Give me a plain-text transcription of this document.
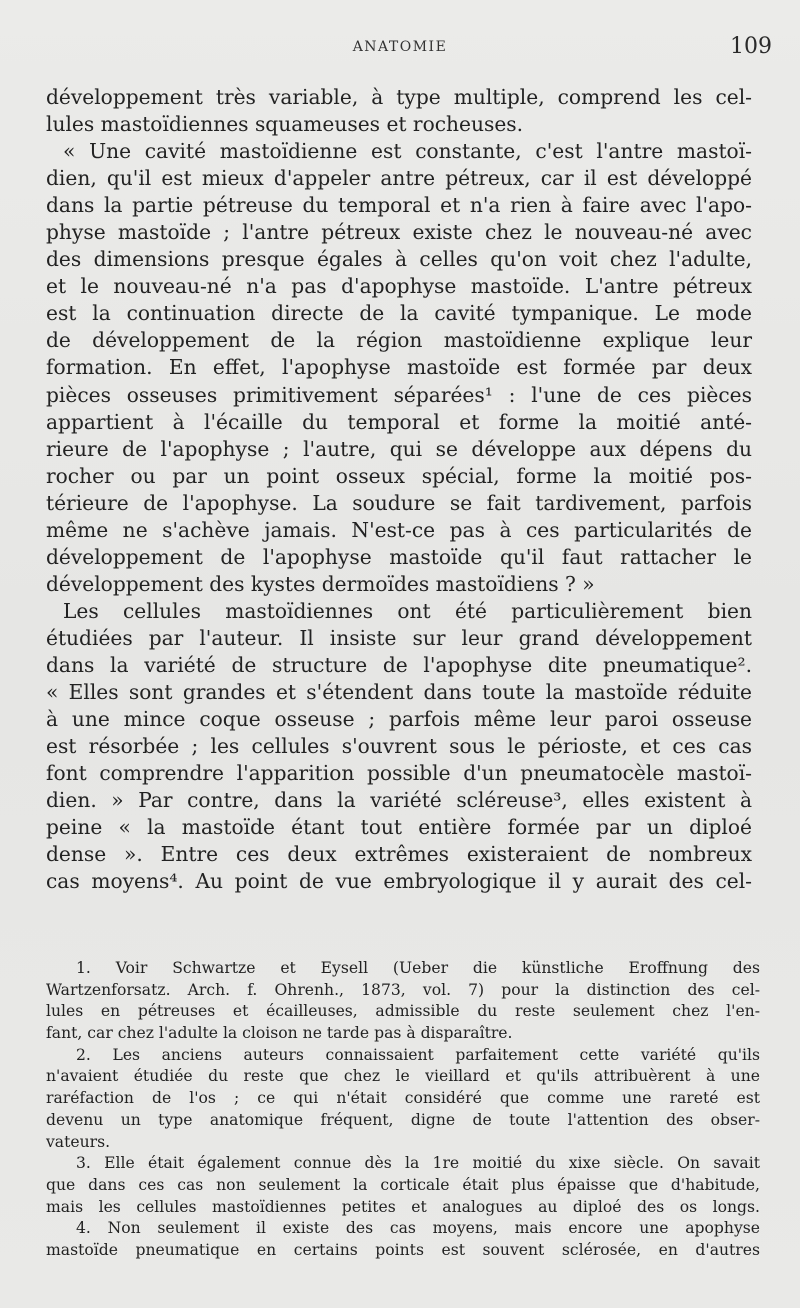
ANATOMIE	109
développement très variable, à type multiple, comprend les cel-
lules mastoïdiennes squameuses et rocheuses.
« Une cavité mastoïdienne est constante, c'est l'antre mastoï-
dien, qu'il est mieux d'appeler antre pétreux, car il est développé
dans la partie pétreuse du temporal et n'a rien à faire avec l'apo-
physe mastoïde ; l'antre pétreux existe chez le nouveau-né avec
des dimensions presque égales à celles qu'on voit chez l'adulte,
et le nouveau-né n'a pas d'apophyse mastoïde. L'antre pétreux
est la continuation directe de la cavité tympanique. Le mode
de développement de la région mastoïdienne explique leur
formation. En effet, l'apophyse mastoïde est formée par deux
pièces osseuses primitivement séparées¹ : l'une de ces pièces
appartient à l'écaille du temporal et forme la moitié anté-
rieure de l'apophyse ; l'autre, qui se développe aux dépens du
rocher ou par un point osseux spécial, forme la moitié pos-
térieure de l'apophyse. La soudure se fait tardivement, parfois
même ne s'achève jamais. N'est-ce pas à ces particularités de
développement de l'apophyse mastoïde qu'il faut rattacher le
développement des kystes dermoïdes mastoïdiens ? »
Les cellules mastoïdiennes ont été particulièrement bien
étudiées par l'auteur. Il insiste sur leur grand développement
dans la variété de structure de l'apophyse dite pneumatique².
« Elles sont grandes et s'étendent dans toute la mastoïde réduite
à une mince coque osseuse ; parfois même leur paroi osseuse
est résorbée ; les cellules s'ouvrent sous le périoste, et ces cas
font comprendre l'apparition possible d'un pneumatocèle mastoï-
dien. » Par contre, dans la variété scléreuse³, elles existent à
peine « la mastoïde étant tout entière formée par un diploé
dense ». Entre ces deux extrêmes existeraient de nombreux
cas moyens⁴. Au point de vue embryologique il y aurait des cel-
1. Voir Schwartze et Eysell (Ueber die künstliche Eroffnung des
Wartzenforsatz. Arch. f. Ohrenh., 1873, vol. 7) pour la distinction des cel-
lules en pétreuses et écailleuses, admissible du reste seulement chez l'en-
fant, car chez l'adulte la cloison ne tarde pas à disparaître.
2. Les anciens auteurs connaissaient parfaitement cette variété qu'ils
n'avaient étudiée du reste que chez le vieillard et qu'ils attribuèrent à une
raréfaction de l'os ; ce qui n'était considéré que comme une rareté est
devenu un type anatomique fréquent, digne de toute l'attention des obser-
vateurs.
3. Elle était également connue dès la 1re moitié du xixe siècle. On savait
que dans ces cas non seulement la corticale était plus épaisse que d'habitude,
mais les cellules mastoïdiennes petites et analogues au diploé des os longs.
4. Non seulement il existe des cas moyens, mais encore une apophyse
mastoïde pneumatique en certains points est souvent sclérosée, en d'autres
